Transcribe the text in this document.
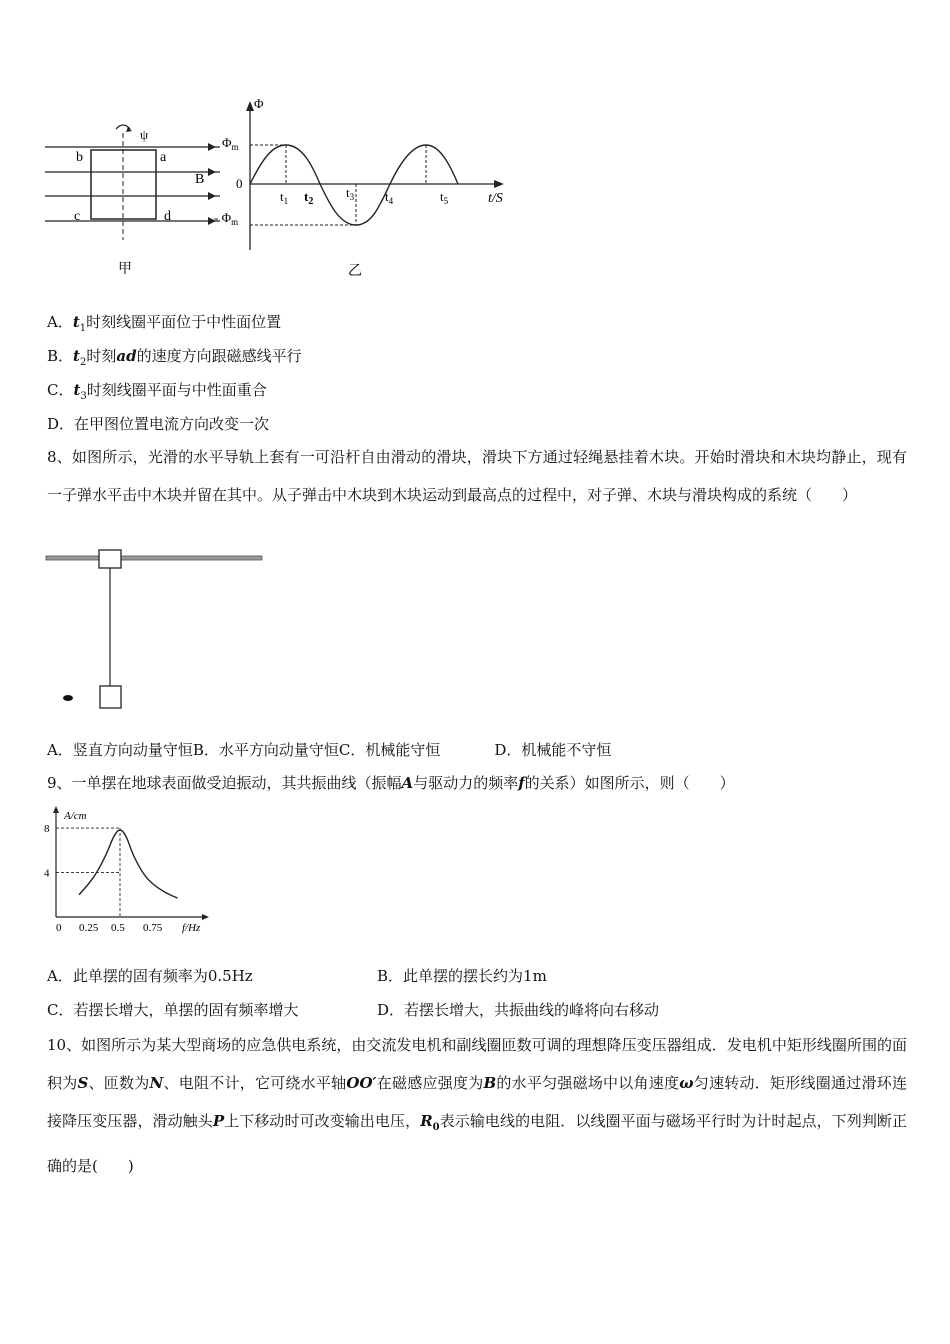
ψ
b	a
c	d
B
甲
Φ
$\Phi_m$
0
- $\Phi_m$
$t_1$ $t_2$
$t_3$ $t_4$	$t_5$	t/S
乙
A．$t_1$时刻线圈平面位于中性面位置
B．$t_2$时刻ad的速度方向跟磁感线平行
C．$t_3$时刻线圈平面与中性面重合
D．在甲图位置电流方向改变一次
8、如图所示，光滑的水平导轨上套有一可沿杆自由滑动的滑块，滑块下方通过轻绳悬挂着木块。开始时滑块和木块均静止，现有一子弹水平击中木块并留在其中。从子弹击中木块到木块运动到最高点的过程中，对子弹、木块与滑块构成的系统（　　）
A．竖直方向动量守恒B．水平方向动量守恒C．机械能守恒	D．机械能不守恒
9、一单摆在地球表面做受迫振动，其共振曲线（振幅A与驱动力的频率f的关系）如图所示，则（　　）
A/cm
f/Hz
0 0.25 0.5 0.75
8
4
A．此单摆的固有频率为0.5Hz	B．此单摆的摆长约为1m
C．若摆长增大，单摆的固有频率增大	D．若摆长增大，共振曲线的峰将向右移动
10、如图所示为某大型商场的应急供电系统，由交流发电机和副线圈匝数可调的理想降压变压器组成．发电机中矩形线圈所围的面积为S、匝数为N、电阻不计，它可绕水平轴OO′在磁感应强度为B的水平匀强磁场中以角速度ω匀速转动．矩形线圈通过滑环连接降压变压器，滑动触头P上下移动时可改变输出电压，$R_0$表示输电线的电阻．以线圈平面与磁场平行时为计时起点，下列判断正确的是(　　)
